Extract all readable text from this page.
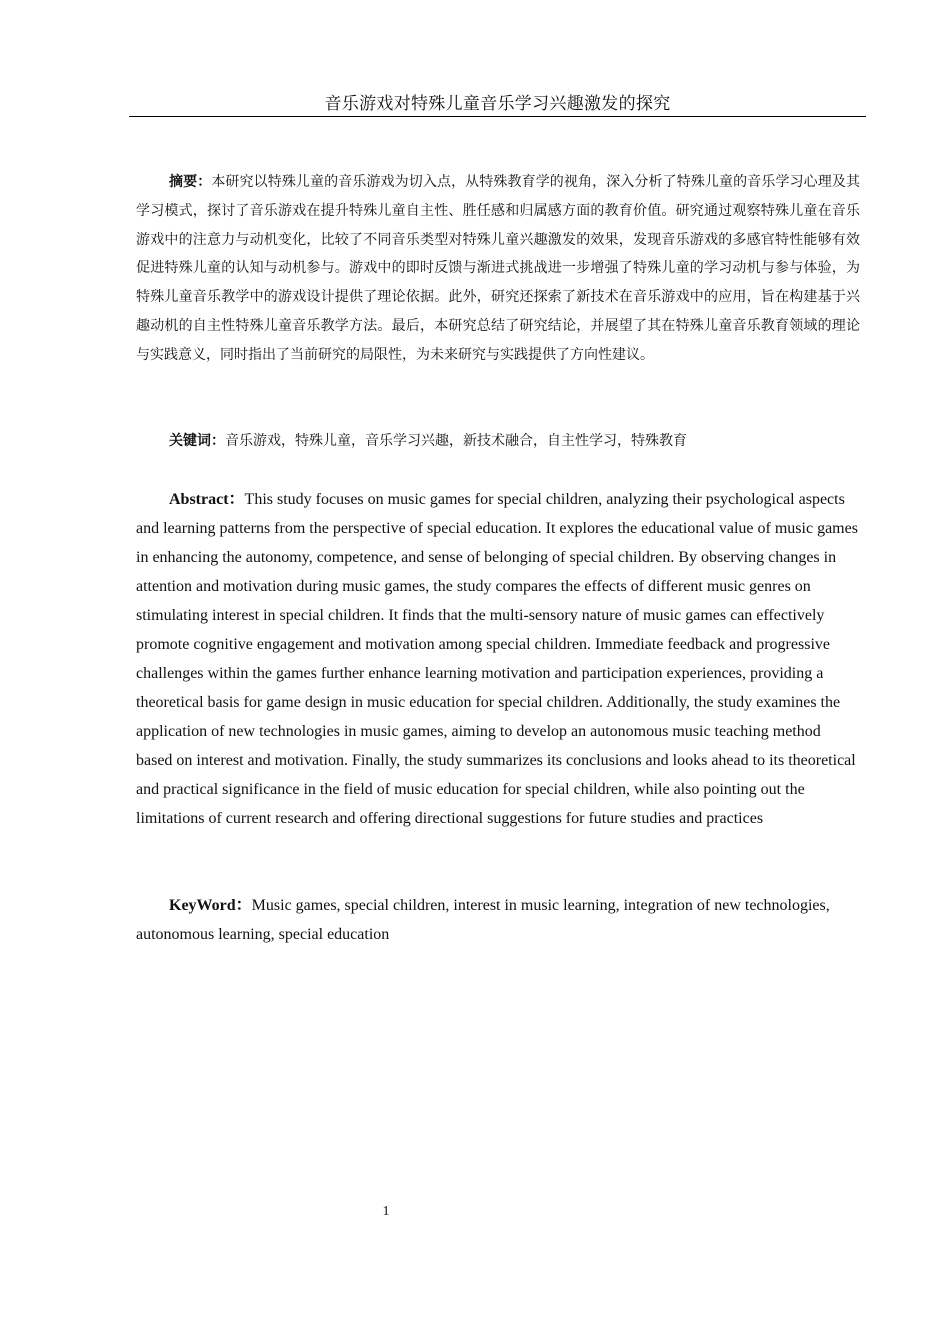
音乐游戏对特殊儿童音乐学习兴趣激发的探究

摘要：本研究以特殊儿童的音乐游戏为切入点，从特殊教育学的视角，深入分析了特殊儿童的音乐学习心理及其学习模式，探讨了音乐游戏在提升特殊儿童自主性、胜任感和归属感方面的教育价值。研究通过观察特殊儿童在音乐游戏中的注意力与动机变化，比较了不同音乐类型对特殊儿童兴趣激发的效果，发现音乐游戏的多感官特性能够有效促进特殊儿童的认知与动机参与。游戏中的即时反馈与渐进式挑战进一步增强了特殊儿童的学习动机与参与体验，为特殊儿童音乐教学中的游戏设计提供了理论依据。此外，研究还探索了新技术在音乐游戏中的应用，旨在构建基于兴趣动机的自主性特殊儿童音乐教学方法。最后，本研究总结了研究结论，并展望了其在特殊儿童音乐教育领域的理论与实践意义，同时指出了当前研究的局限性，为未来研究与实践提供了方向性建议。

关键词：音乐游戏，特殊儿童，音乐学习兴趣，新技术融合，自主性学习，特殊教育

Abstract：This study focuses on music games for special children, analyzing their psychological aspects and learning patterns from the perspective of special education. It explores the educational value of music games in enhancing the autonomy, competence, and sense of belonging of special children. By observing changes in attention and motivation during music games, the study compares the effects of different music genres on stimulating interest in special children. It finds that the multi-sensory nature of music games can effectively promote cognitive engagement and motivation among special children. Immediate feedback and progressive challenges within the games further enhance learning motivation and participation experiences, providing a theoretical basis for game design in music education for special children. Additionally, the study examines the application of new technologies in music games, aiming to develop an autonomous music teaching method based on interest and motivation. Finally, the study summarizes its conclusions and looks ahead to its theoretical and practical significance in the field of music education for special children, while also pointing out the limitations of current research and offering directional suggestions for future studies and practices

KeyWord：Music games, special children, interest in music learning, integration of new technologies, autonomous learning, special education

1
